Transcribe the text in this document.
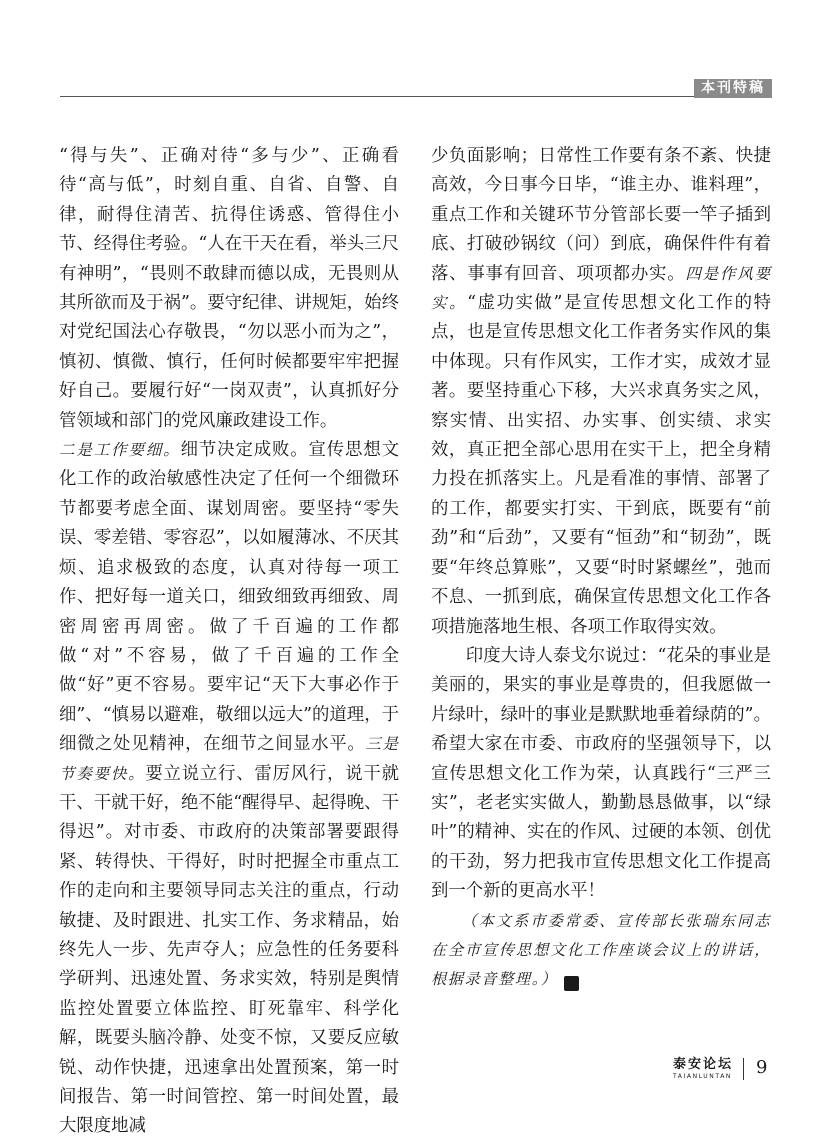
本刊特稿

“得与失”、正确对待“多与少”、正确看待“高与低”，时刻自重、自省、自警、自律，耐得住清苦、抗得住诱惑、管得住小节、经得住考验。“人在干天在看，举头三尺有神明”，“畏则不敢肆而德以成，无畏则从其所欲而及于祸”。要守纪律、讲规矩，始终对党纪国法心存敬畏，“勿以恶小而为之”，慎初、慎微、慎行，任何时候都要牢牢把握好自己。要履行好“一岗双责”，认真抓好分管领域和部门的党风廉政建设工作。

二是工作要细。细节决定成败。宣传思想文化工作的政治敏感性决定了任何一个细微环节都要考虑全面、谋划周密。要坚持“零失误、零差错、零容忍”，以如履薄冰、不厌其烦、追求极致的态度，认真对待每一项工作、把好每一道关口，细致细致再细致、周密周密再周密。做了千百遍的工作都做“对”不容易，做了千百遍的工作全做“好”更不容易。要牢记“天下大事必作于细”、“慎易以避难，敬细以远大”的道理，于细微之处见精神，在细节之间显水平。三是节奏要快。要立说立行、雷厉风行，说干就干、干就干好，绝不能“醒得早、起得晚、干得迟”。对市委、市政府的决策部署要跟得紧、转得快、干得好，时时把握全市重点工作的走向和主要领导同志关注的重点，行动敏捷、及时跟进、扎实工作、务求精品，始终先人一步、先声夺人；应急性的任务要科学研判、迅速处置、务求实效，特别是舆情监控处置要立体监控、盯死靠牢、科学化解，既要头脑冷静、处变不惊，又要反应敏锐、动作快捷，迅速拿出处置预案，第一时间报告、第一时间管控、第一时间处置，最大限度地减

少负面影响；日常性工作要有条不紊、快捷高效，今日事今日毕，“谁主办、谁料理”，重点工作和关键环节分管部长要一竿子插到底、打破砂锅纹（问）到底，确保件件有着落、事事有回音、项项都办实。四是作风要实。“虚功实做”是宣传思想文化工作的特点，也是宣传思想文化工作者务实作风的集中体现。只有作风实，工作才实，成效才显著。要坚持重心下移，大兴求真务实之风，察实情、出实招、办实事、创实绩、求实效，真正把全部心思用在实干上，把全身精力投在抓落实上。凡是看准的事情、部署了的工作，都要实打实、干到底，既要有“前劲”和“后劲”，又要有“恒劲”和“韧劲”，既要“年终总算账”，又要“时时紧螺丝”，弛而不息、一抓到底，确保宣传思想文化工作各项措施落地生根、各项工作取得实效。

印度大诗人泰戈尔说过：“花朵的事业是美丽的，果实的事业是尊贵的，但我愿做一片绿叶，绿叶的事业是默默地垂着绿荫的”。希望大家在市委、市政府的坚强领导下，以宣传思想文化工作为荣，认真践行“三严三实”，老老实实做人，勤勤恳恳做事，以“绿叶”的精神、实在的作风、过硬的本领、创优的干劲，努力把我市宣传思想文化工作提高到一个新的更高水平！

（本文系市委常委、宣传部长张瑞东同志在全市宣传思想文化工作座谈会议上的讲话，根据录音整理。）	稿

泰安论坛
TAIANLUNTAN	9
